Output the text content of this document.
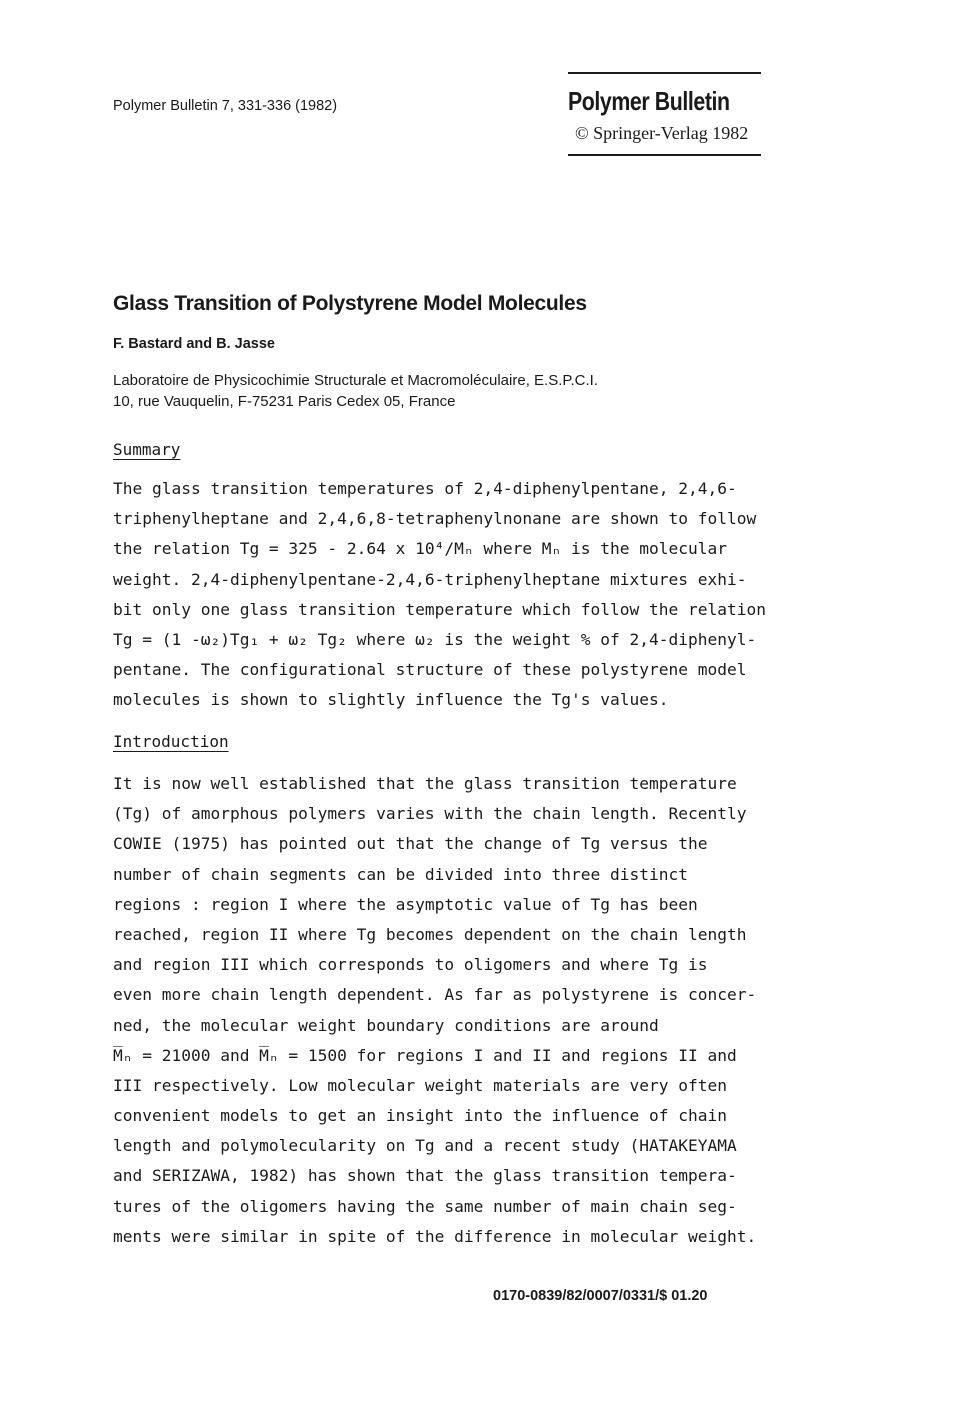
Polymer Bulletin 7, 331-336 (1982)	Polymer Bulletin
© Springer-Verlag 1982
Glass Transition of Polystyrene Model Molecules
F. Bastard and B. Jasse
Laboratoire de Physicochimie Structurale et Macromoléculaire, E.S.P.C.I.
10, rue Vauquelin, F-75231 Paris Cedex 05, France
Summary
The glass transition temperatures of 2,4-diphenylpentane, 2,4,6-
triphenylheptane and 2,4,6,8-tetraphenylnonane are shown to follow
the relation Tg = 325 - 2.64 x 10⁴/Mₙ where Mₙ is the molecular
weight. 2,4-diphenylpentane-2,4,6-triphenylheptane mixtures exhi-
bit only one glass transition temperature which follow the relation
Tg = (1 -ω₂)Tg₁ + ω₂ Tg₂ where ω₂ is the weight % of 2,4-diphenyl-
pentane. The configurational structure of these polystyrene model
molecules is shown to slightly influence the Tg's values.
Introduction
It is now well established that the glass transition temperature
(Tg) of amorphous polymers varies with the chain length. Recently
COWIE (1975) has pointed out that the change of Tg versus the
number of chain segments can be divided into three distinct
regions : region I where the asymptotic value of Tg has been
reached, region II where Tg becomes dependent on the chain length
and region III which corresponds to oligomers and where Tg is
even more chain length dependent. As far as polystyrene is concer-
ned, the molecular weight boundary conditions are around
M̅ₙ = 21000 and M̅ₙ = 1500 for regions I and II and regions II and
III respectively. Low molecular weight materials are very often
convenient models to get an insight into the influence of chain
length and polymolecularity on Tg and a recent study (HATAKEYAMA
and SERIZAWA, 1982) has shown that the glass transition tempera-
tures of the oligomers having the same number of main chain seg-
ments were similar in spite of the difference in molecular weight.
0170-0839/82/0007/0331/$ 01.20
